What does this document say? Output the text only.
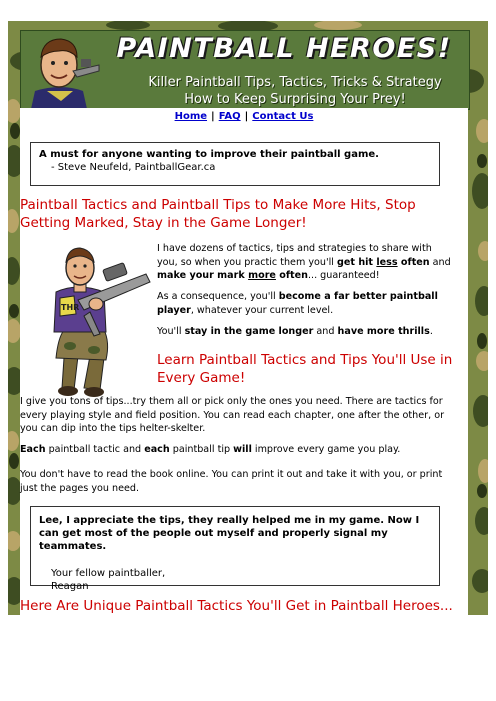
PAINTBALL HEROES!
Killer Paintball Tips, Tactics, Tricks & Strategy
How to Keep Surprising Your Prey!
Home | FAQ | Contact Us
A must for anyone wanting to improve their paintball game.
- Steve Neufeld, PaintballGear.ca
Paintball Tactics and Paintball Tips to Make More Hits, Stop Getting Marked, Stay in the Game Longer!
THR

I have dozens of tactics, tips and strategies to share with you, so when you practic them you'll get hit less often and make your mark more often... guaranteed!

As a consequence, you'll become a far better paintball player, whatever your current level.

You'll stay in the game longer and have more thrills.

Learn Paintball Tactics and Tips You'll Use in Every Game!

I give you tons of tips...try them all or pick only the ones you need. There are tactics for every playing style and field position. You can read each chapter, one after the other, or you can dip into the tips helter-skelter.

Each paintball tactic and each paintball tip will improve every game you play.

You don't have to read the book online. You can print it out and take it with you, or print just the pages you need.

Lee, I appreciate the tips, they really helped me in my game. Now I can get most of the people out myself and properly signal my teammates.
Your fellow paintballer,
Reagan
Here Are Unique Paintball Tactics You'll Get in Paintball Heroes...
